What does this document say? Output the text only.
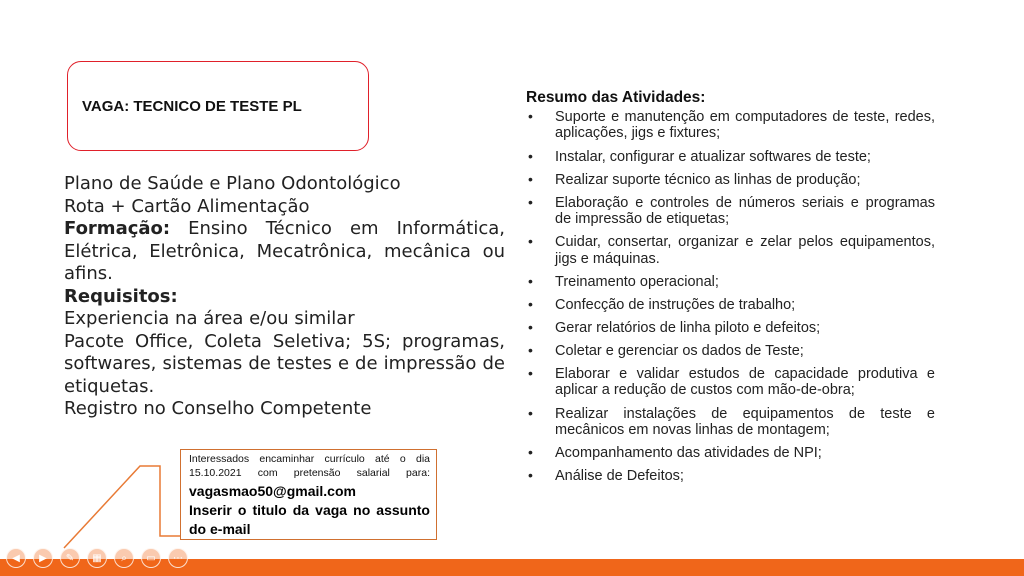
VAGA: TECNICO DE TESTE PL

Plano de Saúde e Plano Odontológico

Rota + Cartão Alimentação

Formação: Ensino Técnico em Informática, Elétrica, Eletrônica, Mecatrônica, mecânica ou afins.

Requisitos:

Experiencia na área e/ou similar

Pacote Office, Coleta Seletiva; 5S; programas, softwares, sistemas de testes e de impressão de etiquetas.

Registro no Conselho Competente

Interessados encaminhar currículo até o dia
15.10.2021 com pretensão salarial para:
vagasmao50@gmail.com
Inserir o titulo da vaga no assunto do e-mail
Resumo das Atividades:
• Suporte e manutenção em computadores de teste, redes, aplicações, jigs e fixtures;
• Instalar, configurar e atualizar softwares de teste;
• Realizar suporte técnico as linhas de produção;
• Elaboração e controles de números seriais e programas de impressão de etiquetas;
• Cuidar, consertar, organizar e zelar pelos equipamentos, jigs e máquinas.
• Treinamento operacional;
• Confecção de instruções de trabalho;
• Gerar relatórios de linha piloto e defeitos;
• Coletar e gerenciar os dados de Teste;
• Elaborar e validar estudos de capacidade produtiva e aplicar a redução de custos com mão-de-obra;
• Realizar instalações de equipamentos de teste e mecânicos em novas linhas de montagem;
• Acompanhamento das atividades de NPI;
• Análise de Defeitos;
◀	▶	✎	▦	⌕	▭	⋯
